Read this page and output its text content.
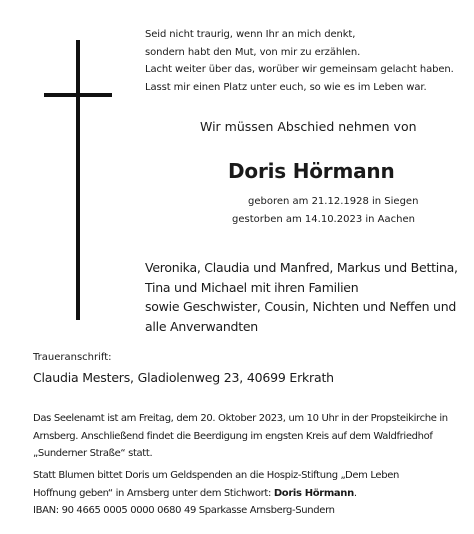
Seid nicht traurig, wenn Ihr an mich denkt,
sondern habt den Mut, von mir zu erzählen.
Lacht weiter über das, worüber wir gemeinsam gelacht haben.
Lasst mir einen Platz unter euch, so wie es im Leben war.
Wir müssen Abschied nehmen von
Doris Hörmann
geboren am 21.12.1928 in Siegen
gestorben am 14.10.2023 in Aachen
Veronika, Claudia und Manfred, Markus und Bettina,
Tina und Michael mit ihren Familien
sowie Geschwister, Cousin, Nichten und Neffen und
alle Anverwandten
Traueranschrift:
Claudia Mesters, Gladiolenweg 23, 40699 Erkrath
Das Seelenamt ist am Freitag, dem 20. Oktober 2023, um 10 Uhr in der Propsteikirche in
Arnsberg. Anschließend findet die Beerdigung im engsten Kreis auf dem Waldfriedhof
„Sunderner Straße“ statt.
Statt Blumen bittet Doris um Geldspenden an die Hospiz-Stiftung „Dem Leben
Hoffnung geben“ in Arnsberg unter dem Stichwort: Doris Hörmann.
IBAN: 90 4665 0005 0000 0680 49 Sparkasse Arnsberg-Sundern
